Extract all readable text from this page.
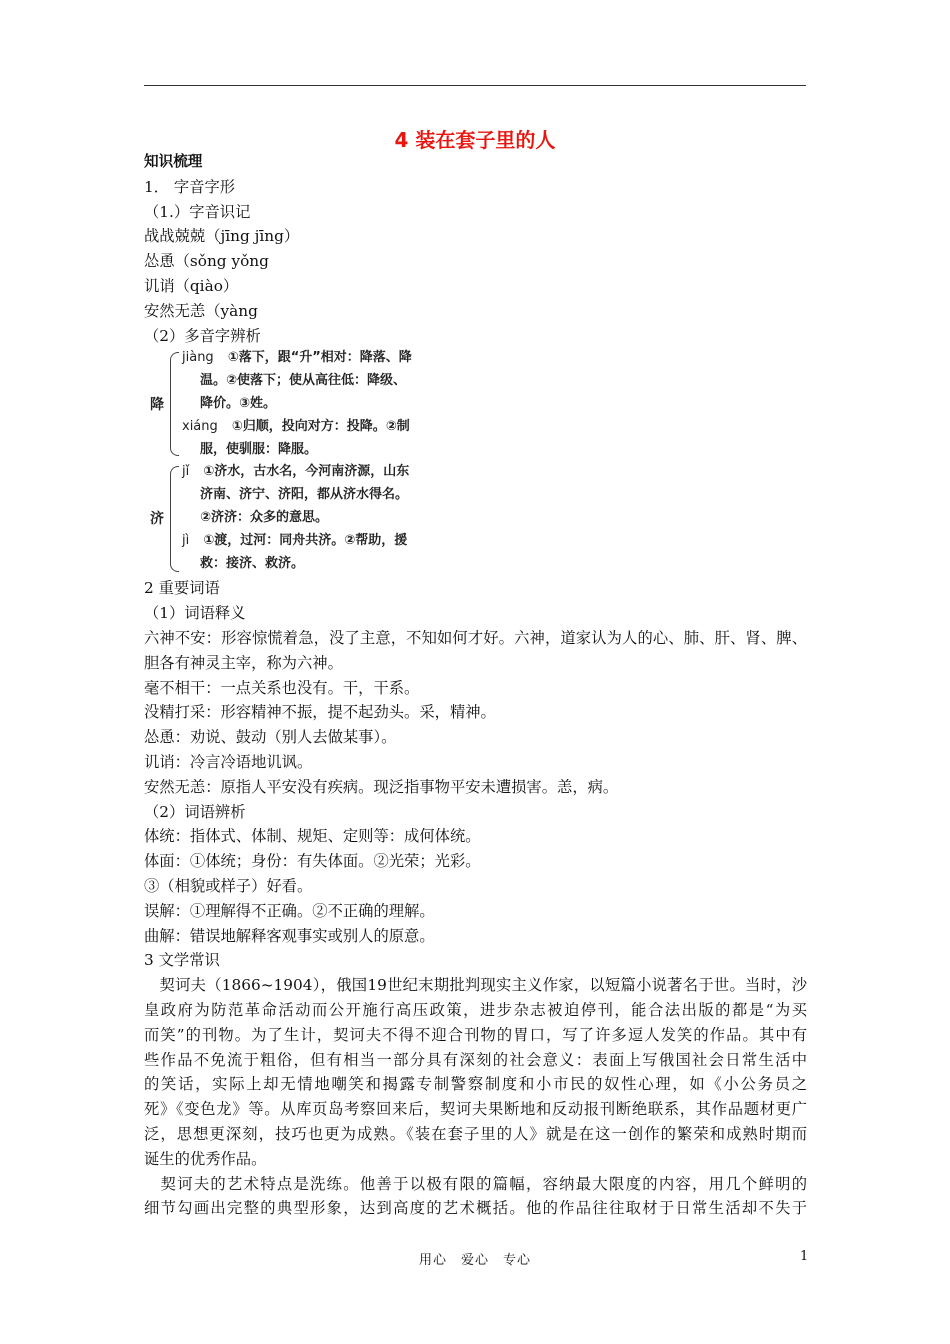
4 装在套子里的人
知识梳理
1． 字音字形
（1.）字音识记
战战兢兢（jīng jīng）
怂恿（sǒng yǒng
讥诮（qiào）
安然无恙（yàng
（2）多音字辨析
降
jiàng ①落下，跟“升”相对：降落、降
温。②使落下；使从高往低：降级、
降价。③姓。
xiáng ①归顺，投向对方：投降。②制
服，使驯服：降服。
济
jǐ ①济水，古水名，今河南济源，山东
济南、济宁、济阳，都从济水得名。
②济济：众多的意思。
jì ①渡，过河：同舟共济。②帮助，援
救：接济、救济。
2 重要词语
（1）词语释义
六神不安：形容惊慌着急，没了主意，不知如何才好。六神，道家认为人的心、肺、肝、肾、脾、
胆各有神灵主宰，称为六神。
毫不相干：一点关系也没有。干，干系。
没精打采：形容精神不振，提不起劲头。采，精神。
怂恿：劝说、鼓动（别人去做某事）。
讥诮：冷言冷语地讥讽。
安然无恙：原指人平安没有疾病。现泛指事物平安未遭损害。恙，病。
（2）词语辨析
体统：指体式、体制、规矩、定则等：成何体统。
体面：①体统；身份：有失体面。②光荣；光彩。
③（相貌或样子）好看。
误解：①理解得不正确。②不正确的理解。
曲解：错误地解释客观事实或别人的原意。
3 文学常识
　契诃夫（1866~1904），俄国19世纪末期批判现实主义作家，以短篇小说著名于世。当时，沙
皇政府为防范革命活动而公开施行高压政策，进步杂志被迫停刊，能合法出版的都是“为买
而笑”的刊物。为了生计，契诃夫不得不迎合刊物的胃口，写了许多逗人发笑的作品。其中有
些作品不免流于粗俗，但有相当一部分具有深刻的社会意义：表面上写俄国社会日常生活中
的笑话，实际上却无情地嘲笑和揭露专制警察制度和小市民的奴性心理，如《小公务员之
死》《变色龙》等。从库页岛考察回来后，契诃夫果断地和反动报刊断绝联系，其作品题材更广
泛，思想更深刻，技巧也更为成熟。《装在套子里的人》就是在这一创作的繁荣和成熟时期而
诞生的优秀作品。
　契诃夫的艺术特点是洗练。他善于以极有限的篇幅，容纳最大限度的内容，用几个鲜明的
细节勾画出完整的典型形象，达到高度的艺术概括。他的作品往往取材于日常生活却不失于
用心　爱心　专心	1
